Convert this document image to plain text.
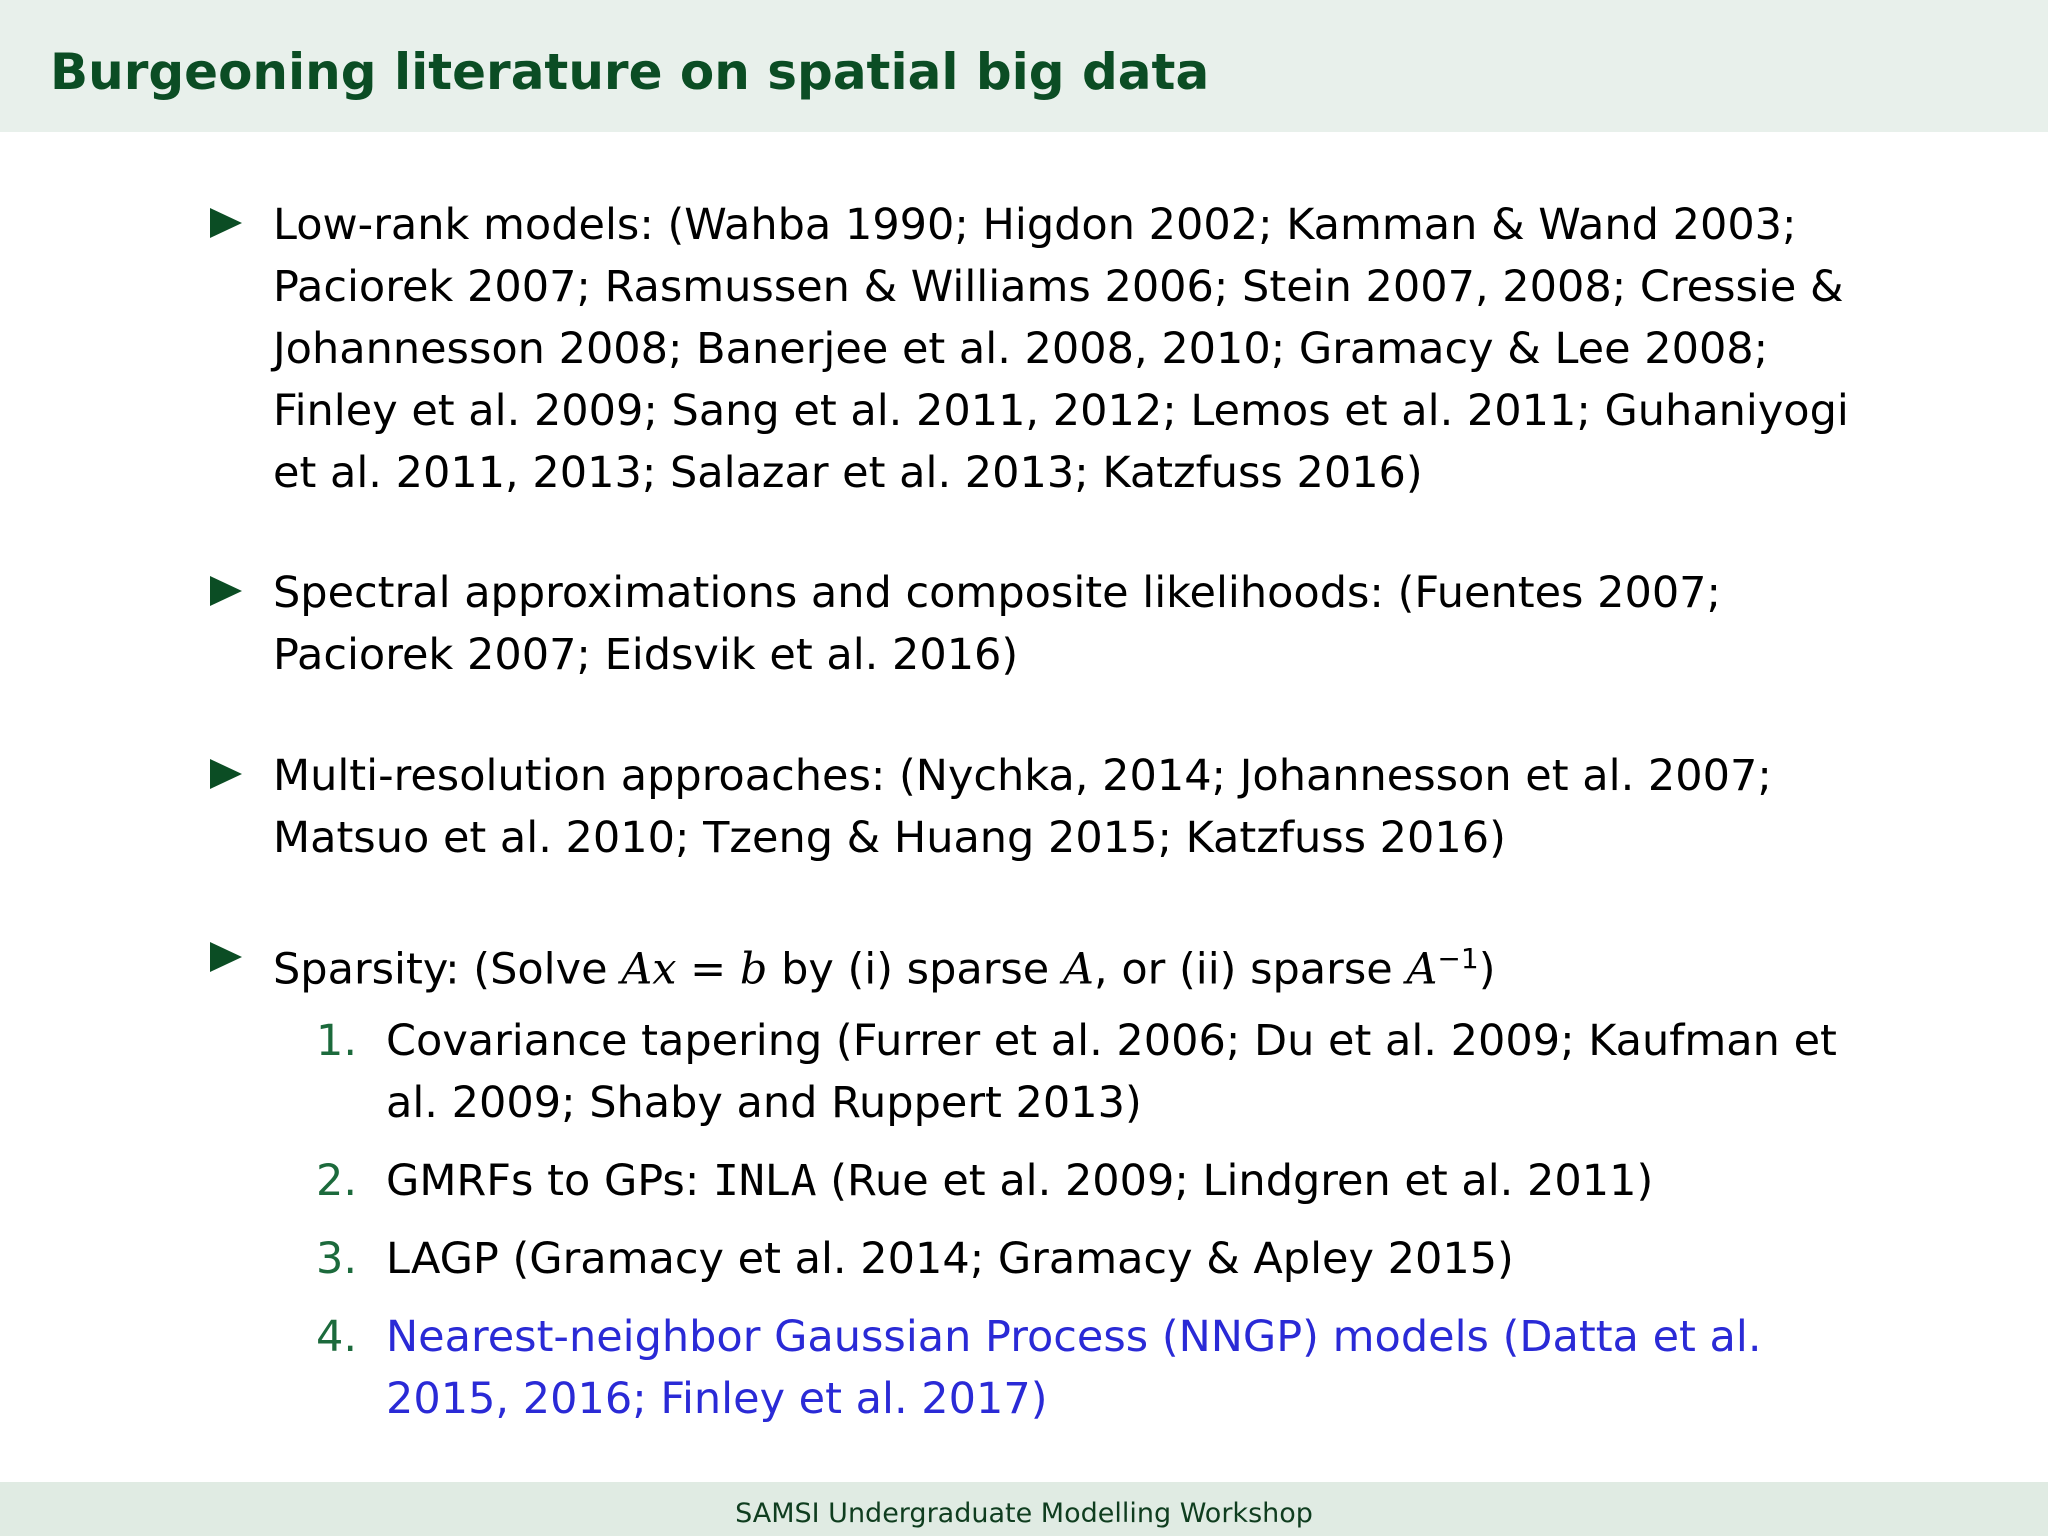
Burgeoning literature on spatial big data
Low-rank models: (Wahba 1990; Higdon 2002; Kamman & Wand 2003;
Paciorek 2007; Rasmussen & Williams 2006; Stein 2007, 2008; Cressie &
Johannesson 2008; Banerjee et al. 2008, 2010; Gramacy & Lee 2008;
Finley et al. 2009; Sang et al. 2011, 2012; Lemos et al. 2011; Guhaniyogi
et al. 2011, 2013; Salazar et al. 2013; Katzfuss 2016)
Spectral approximations and composite likelihoods: (Fuentes 2007;
Paciorek 2007; Eidsvik et al. 2016)
Multi-resolution approaches: (Nychka, 2014; Johannesson et al. 2007;
Matsuo et al. 2010; Tzeng & Huang 2015; Katzfuss 2016)
Sparsity: (Solve Ax = b by (i) sparse A, or (ii) sparse $A^{-1}$)
1. Covariance tapering (Furrer et al. 2006; Du et al. 2009; Kaufman et
al. 2009; Shaby and Ruppert 2013)
2. GMRFs to GPs: INLA (Rue et al. 2009; Lindgren et al. 2011)
3. LAGP (Gramacy et al. 2014; Gramacy & Apley 2015)
4. Nearest-neighbor Gaussian Process (NNGP) models (Datta et al.
2015, 2016; Finley et al. 2017)
SAMSI Undergraduate Modelling Workshop
